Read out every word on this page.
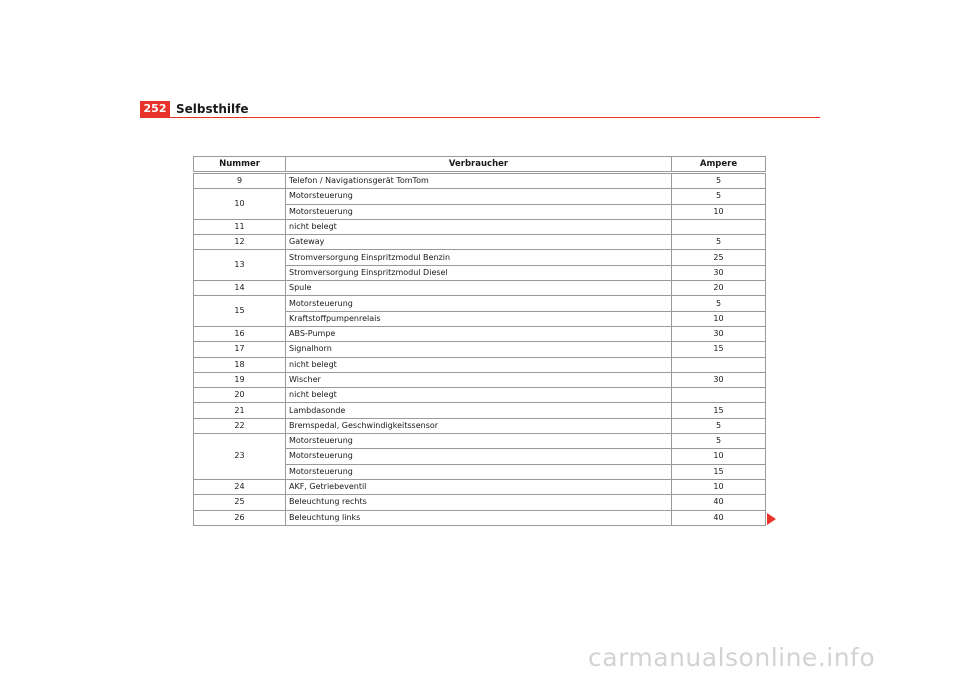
252 Selbsthilfe
Nummer	Verbraucher	Ampere
9	Telefon / Navigationsgerät TomTom	5
10	Motorsteuerung	5
	Motorsteuerung	10
11	nicht belegt	
12	Gateway	5
13	Stromversorgung Einspritzmodul Benzin	25
	Stromversorgung Einspritzmodul Diesel	30
14	Spule	20
15	Motorsteuerung	5
	Kraftstoffpumpenrelais	10
16	ABS-Pumpe	30
17	Signalhorn	15
18	nicht belegt	
19	Wischer	30
20	nicht belegt	
21	Lambdasonde	15
22	Bremspedal, Geschwindigkeitssensor	5
23	Motorsteuerung	5
	Motorsteuerung	10
	Motorsteuerung	15
24	AKF, Getriebeventil	10
25	Beleuchtung rechts	40
26	Beleuchtung links	40
carmanualsonline.info
